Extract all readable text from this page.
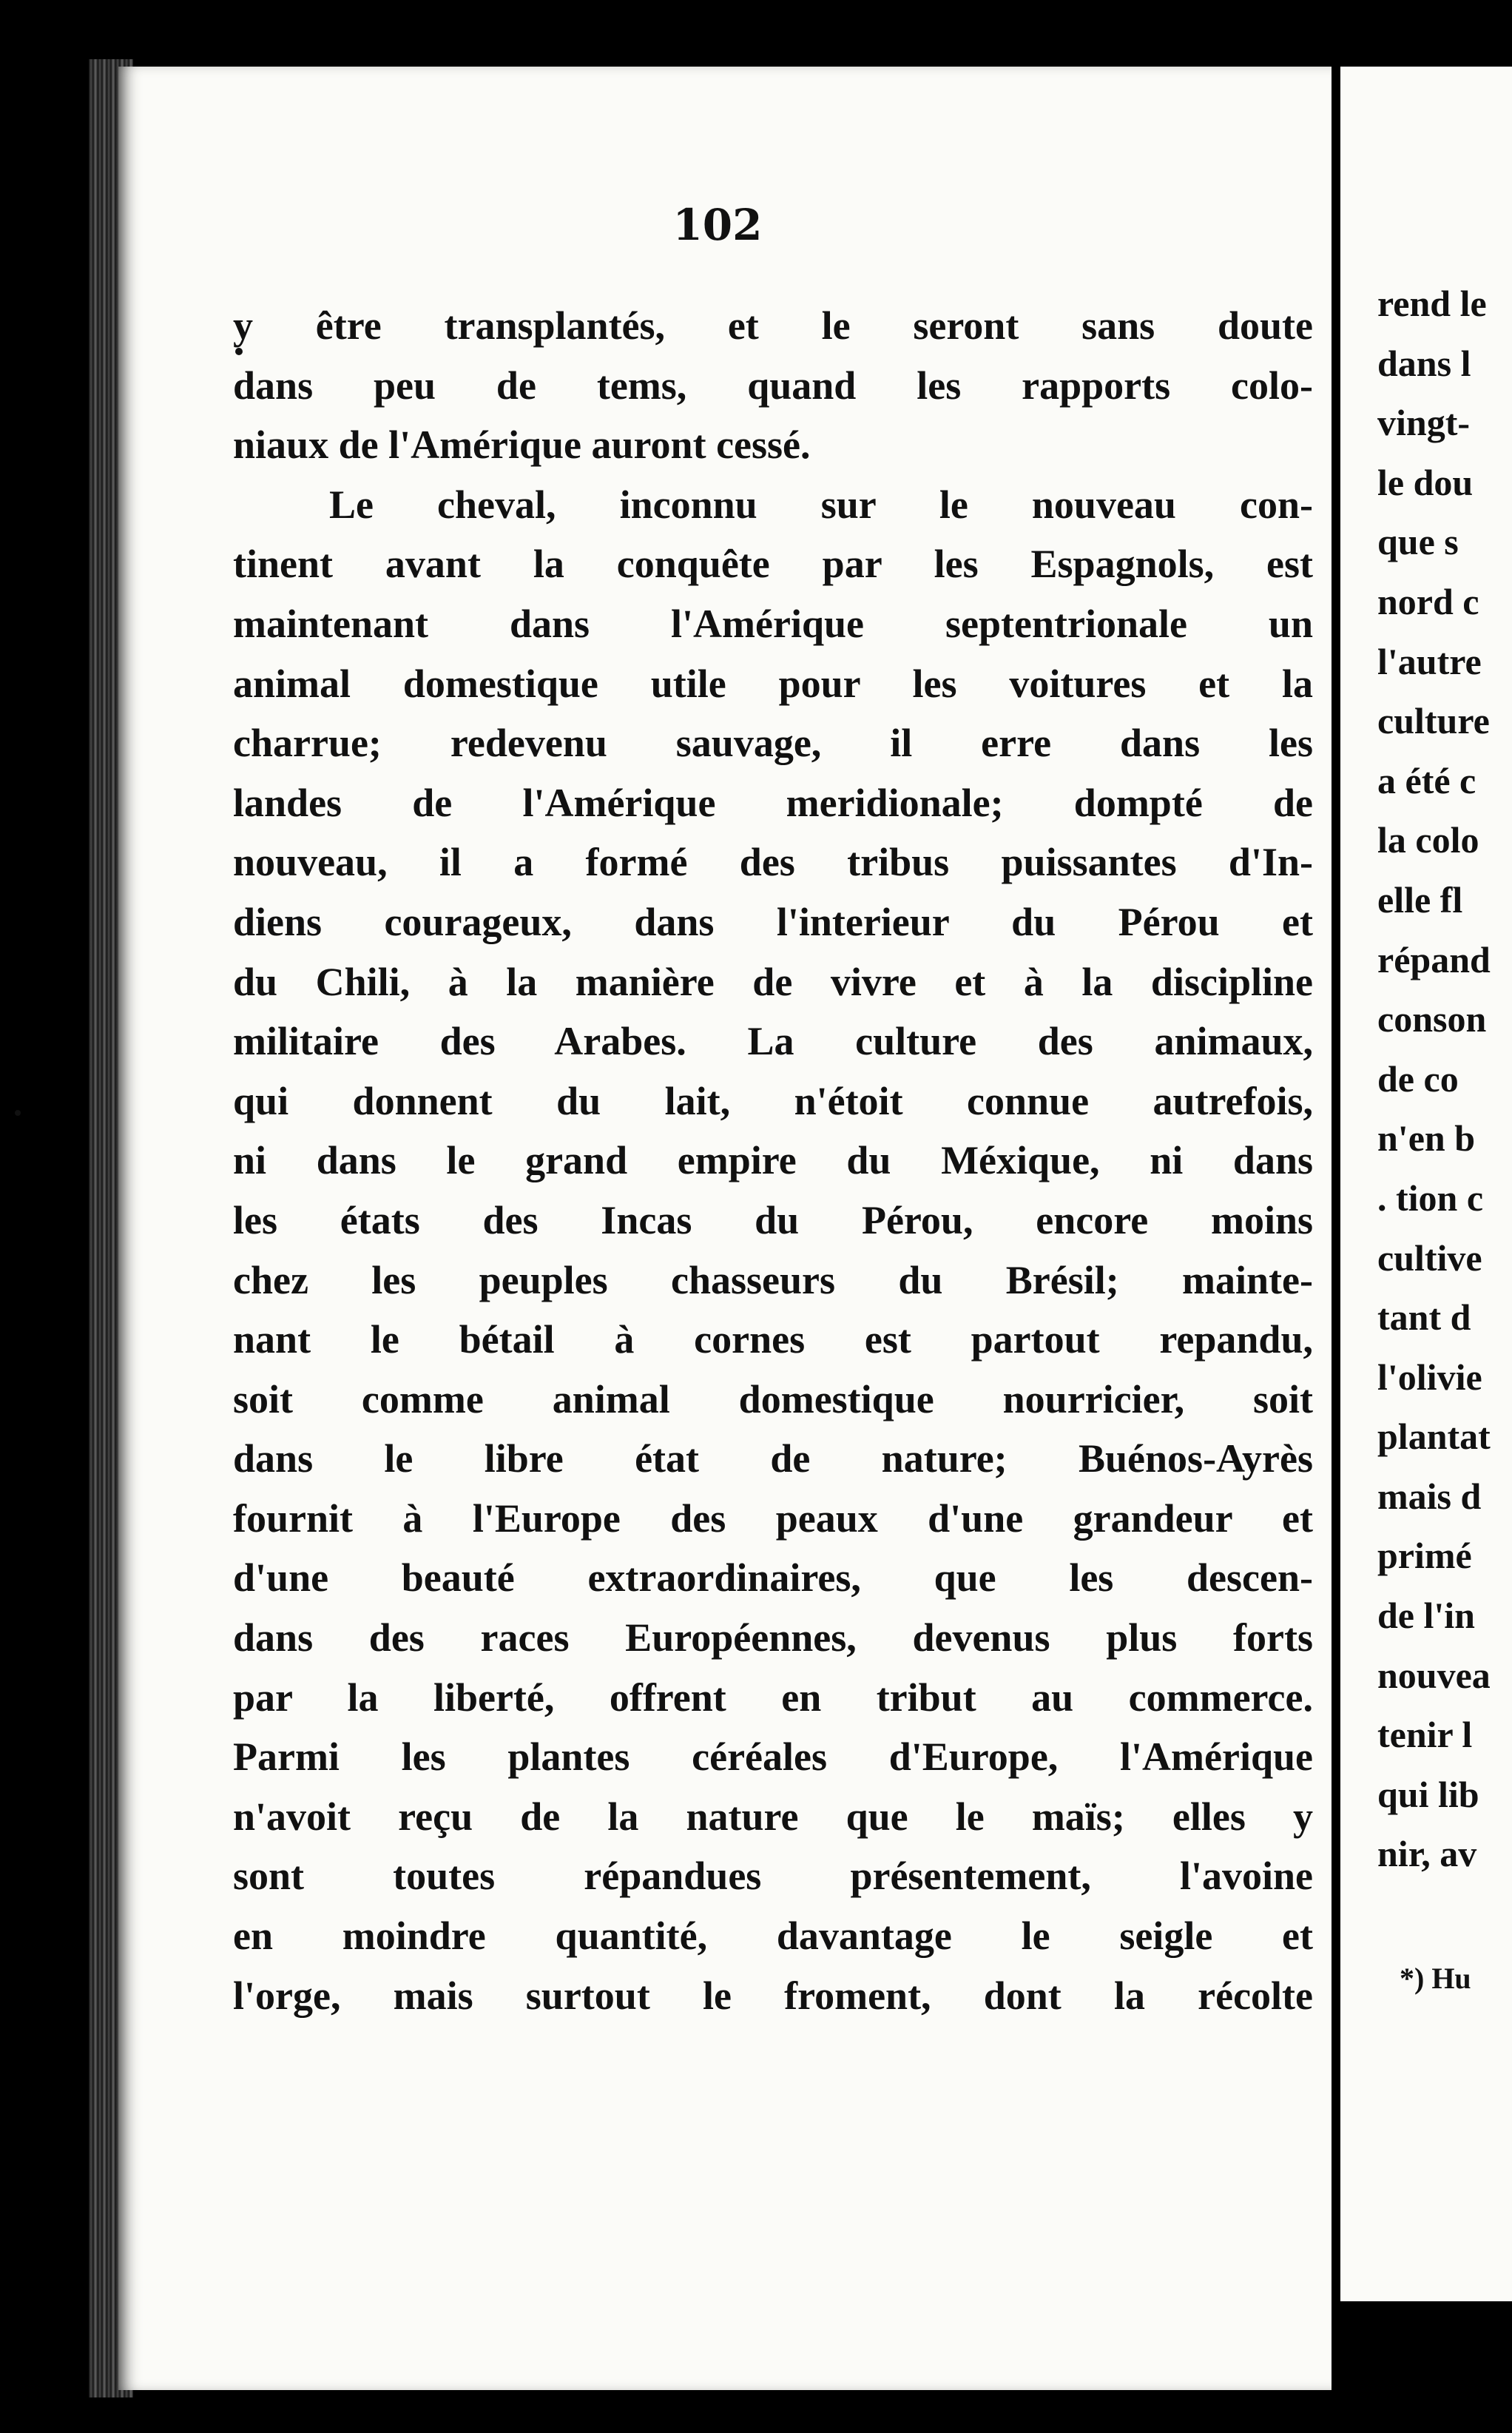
102
y être transplantés, et le seront sans doute
dans peu de tems, quand les rapports colo-
niaux de l'Amérique auront cessé.
Le cheval, inconnu sur le nouveau con-
tinent avant la conquête par les Espagnols, est
maintenant dans l'Amérique septentrionale un
animal domestique utile pour les voitures et la
charrue; redevenu sauvage, il erre dans les
landes de l'Amérique meridionale; dompté de
nouveau, il a formé des tribus puissantes d'In-
diens courageux, dans l'interieur du Pérou et
du Chili, à la manière de vivre et à la discipline
militaire des Arabes. La culture des animaux,
qui donnent du lait, n'étoit connue autrefois,
ni dans le grand empire du Méxique, ni dans
les états des Incas du Pérou, encore moins
chez les peuples chasseurs du Brésil; mainte-
nant le bétail à cornes est partout repandu,
soit comme animal domestique nourricier, soit
dans le libre état de nature; Buénos-Ayrès
fournit à l'Europe des peaux d'une grandeur et
d'une beauté extraordinaires, que les descen-
dans des races Européennes, devenus plus forts
par la liberté, offrent en tribut au commerce.
Parmi les plantes céréales d'Europe, l'Amérique
n'avoit reçu de la nature que le maïs; elles y
sont toutes répandues présentement, l'avoine
en moindre quantité, davantage le seigle et
l'orge, mais surtout le froment, dont la récolte
rend le
dans l
vingt-
le dou
que s
nord c
l'autre
culture
a été c
la colo
elle fl
répand
conson
de co
n'en b
. tion c
cultive
tant d
l'olivie
plantat
mais d
primé
de l'in
nouvea
tenir l
qui lib
nir, av
*) Hu
